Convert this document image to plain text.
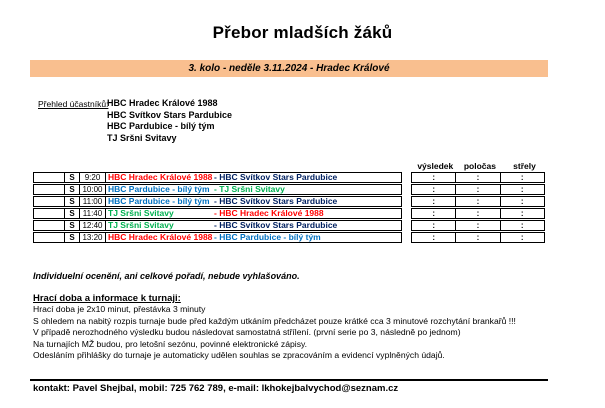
Přebor mladších žáků
3. kolo - neděle 3.11.2024 - Hradec Králové
Přehled účastníků:
HBC Hradec Králové 1988
HBC Svítkov Stars Pardubice
HBC Pardubice - bílý tým
TJ Sršni Svitavy
výsledek	poločas	střely
S	9:20 HBC Hradec Králové 1988 - HBC Svítkov Stars Pardubice	:	:	:
S 10:00 HBC Pardubice - bílý tým - TJ Sršni Svitavy	:	:	:
S	11:00 HBC Pardubice - bílý tým - HBC Svítkov Stars Pardubice	:	:	:
S	11:40 TJ Sršni Svitavy	- HBC Hradec Králové 1988	:	:	:
S 12:40 TJ Sršni Svitavy	- HBC Svítkov Stars Pardubice	:	:	:
S 13:20 HBC Hradec Králové 1988 - HBC Pardubice - bílý tým	:	:	:
Individuelní ocenění, ani celkové pořadí, nebude vyhlašováno.
Hrací doba a informace k turnaji:
Hrací doba je 2x10 minut, přestávka 3 minuty
S ohledem na nabitý rozpis turnaje bude před každým utkáním předcházet pouze krátké cca 3 minutové rozchytání brankařů !!!
V případě nerozhodného výsledku budou následovat samostatná střílení. (první serie po 3, následně po jednom)
Na turnajích MŽ budou, pro letošní sezónu, povinné elektronické zápisy.
Odesláním přihlášky do turnaje je automaticky udělen souhlas se zpracováním a evidencí vyplněných údajů.
kontakt: Pavel Shejbal, mobil: 725 762 789, e-mail: lkhokejbalvychod@seznam.cz
